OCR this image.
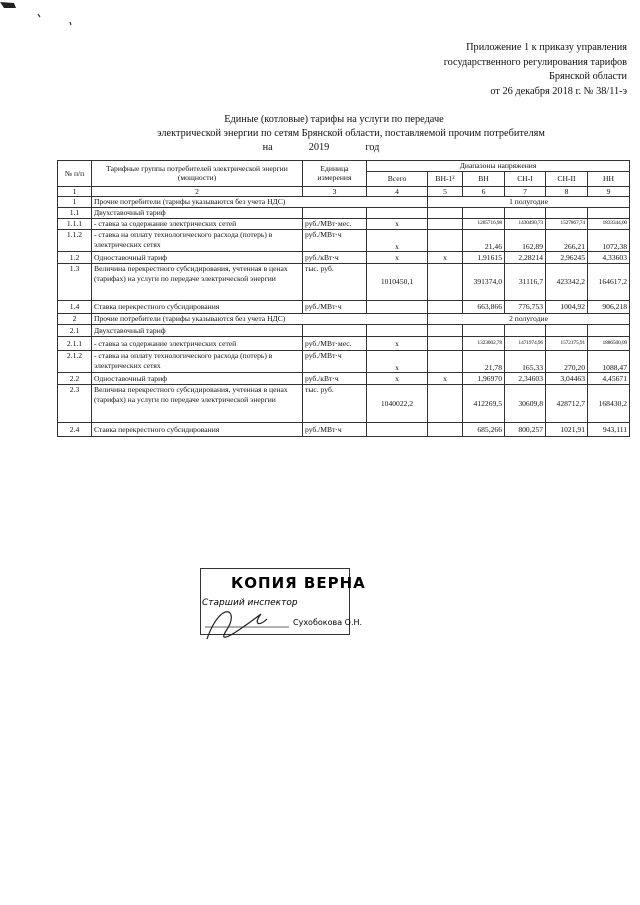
Приложение 1 к приказу управления
государственного регулирования тарифов
Брянской области
от 26 декабря 2018 г. № 38/11-э
Единые (котловые) тарифы на услуги по передаче
электрической энергии по сетям Брянской области, поставляемой прочим потребителям
на	2019	год
№ п/п	Тарифные группы потребителей электрической энергии (мощности)	Единица измерения	Диапазоны напряжения					
			Всего	ВН-1²	ВН	СН-I	СН-II	НН
1	2	3	4	5	6	7	8	9
1	Прочие потребители (тарифы указываются без учета НДС)			1 полугодие				
1.1	Двухставочный тариф							
1.1.1	- ставка за содержание электрических сетей	руб./МВт·мес.	х		1285716,98	1430490,73	1527867,74	1833344,00
1.1.2	- ставка на оплату технологического расхода (потерь) в электрических сетях	руб./МВт·ч	х		21,46	162,89	266,21	1072,38
1.2	Одноставочный тариф	руб./кВт·ч	х	х	1,91615	2,28214	2,96245	4,33603
1.3	Величина перекрестного субсидирования, учтенная в ценах (тарифах) на услуги по передаче электрической энергии	тыс. руб.	1010450,1		391374,0	31116,7	423342,2	164617,2
1.4	Ставка перекрестного субсидирования	руб./МВт·ч			663,866	776,753	1004,92	906,218
2	Прочие потребители (тарифы указываются без учета НДС)			2 полугодие				
2.1	Двухставочный тариф							
2.1.1	- ставка за содержание электрических сетей	руб./МВт·мес.	х		1323002,78	1471974,96	1572175,91	1886500,09
2.1.2	- ставка на оплату технологического расхода (потерь) в электрических сетях	руб./МВт·ч	х		21,78	165,33	270,20	1088,47
2.2	Одноставочный тариф	руб./кВт·ч	х	х	1,96970	2,34603	3,04463	4,45671
2.3	Величина перекрестного субсидирования, учтенная в ценах (тарифах) на услуги по передаче электрической энергии	тыс. руб.	1040022,2		412269,5	30609,8	428712,7	168430,2
2.4	Ставка перекрестного субсидирования	руб./МВт·ч			685,266	800,257	1021,91	943,111
КОПИЯ ВЕРНА
Старший инспектор
Сухобокова О.Н.
